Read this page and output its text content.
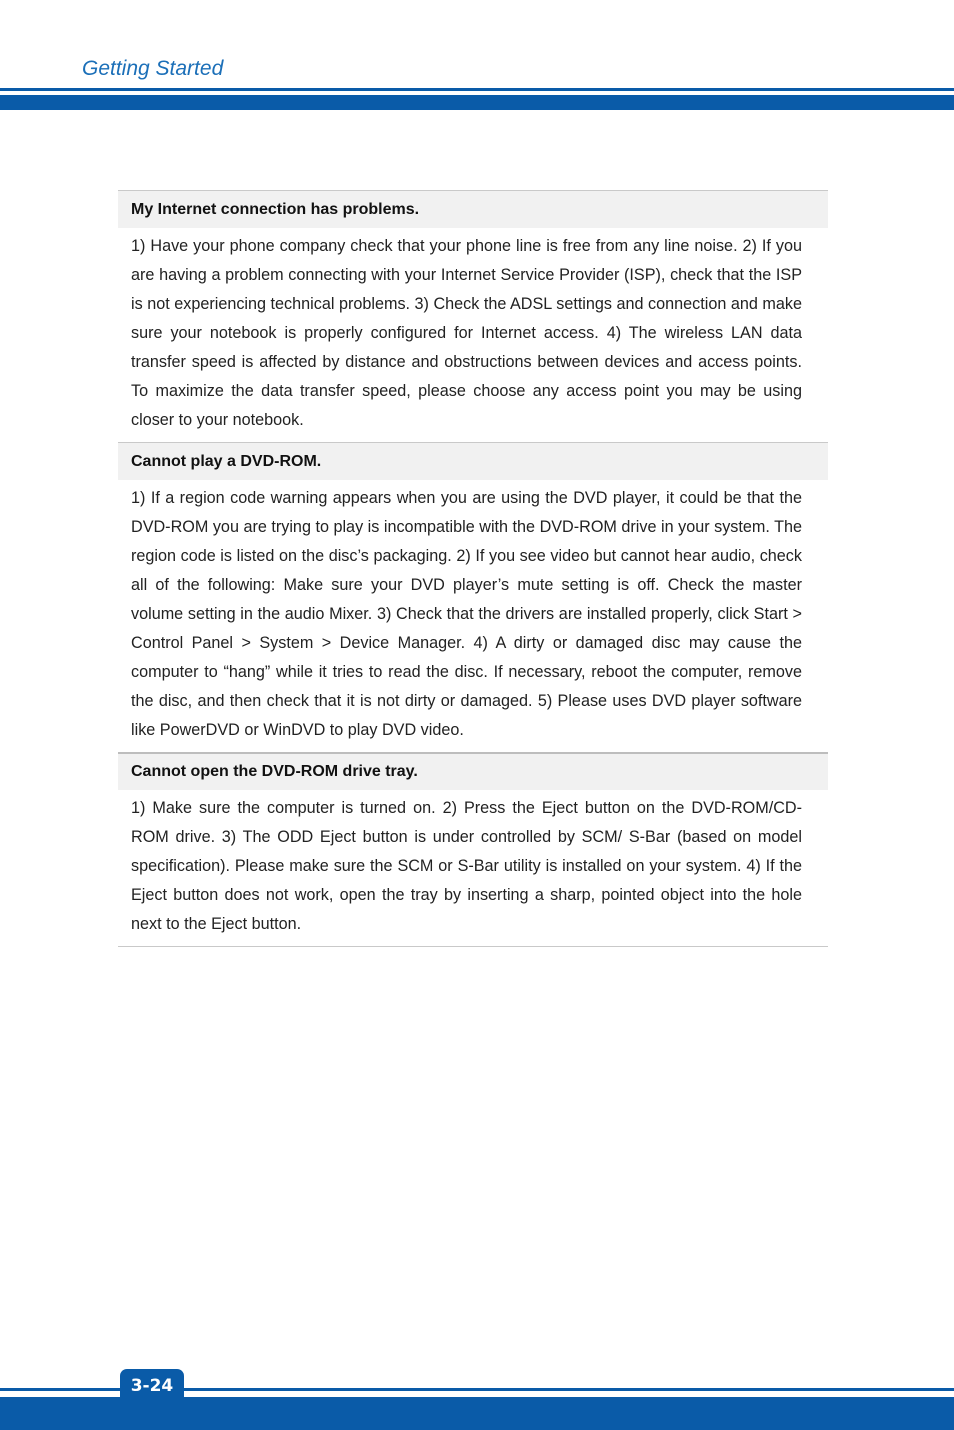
Getting Started
My Internet connection has problems.
1) Have your phone company check that your phone line is free from any line noise. 2) If you are having a problem connecting with your Internet Service Provider (ISP), check that the ISP is not experiencing technical problems. 3) Check the ADSL settings and connection and make sure your notebook is properly configured for Internet access. 4) The wireless LAN data transfer speed is affected by distance and obstructions between devices and access points. To maximize the data transfer speed, please choose any access point you may be using closer to your notebook.
Cannot play a DVD-ROM.
1) If a region code warning appears when you are using the DVD player, it could be that the DVD-ROM you are trying to play is incompatible with the DVD-ROM drive in your system. The region code is listed on the disc’s packaging. 2) If you see video but cannot hear audio, check all of the following: Make sure your DVD player’s mute setting is off. Check the master volume setting in the audio Mixer. 3) Check that the drivers are installed properly, click Start > Control Panel > System > Device Manager. 4) A dirty or damaged disc may cause the computer to “hang” while it tries to read the disc. If necessary, reboot the computer, remove the disc, and then check that it is not dirty or damaged. 5) Please uses DVD player software like PowerDVD or WinDVD to play DVD video.
Cannot open the DVD-ROM drive tray.
1) Make sure the computer is turned on. 2) Press the Eject button on the DVD-ROM/CD-ROM drive. 3) The ODD Eject button is under controlled by SCM/ S-Bar (based on model specification). Please make sure the SCM or S-Bar utility is installed on your system. 4) If the Eject button does not work, open the tray by inserting a sharp, pointed object into the hole next to the Eject button.
3-24
